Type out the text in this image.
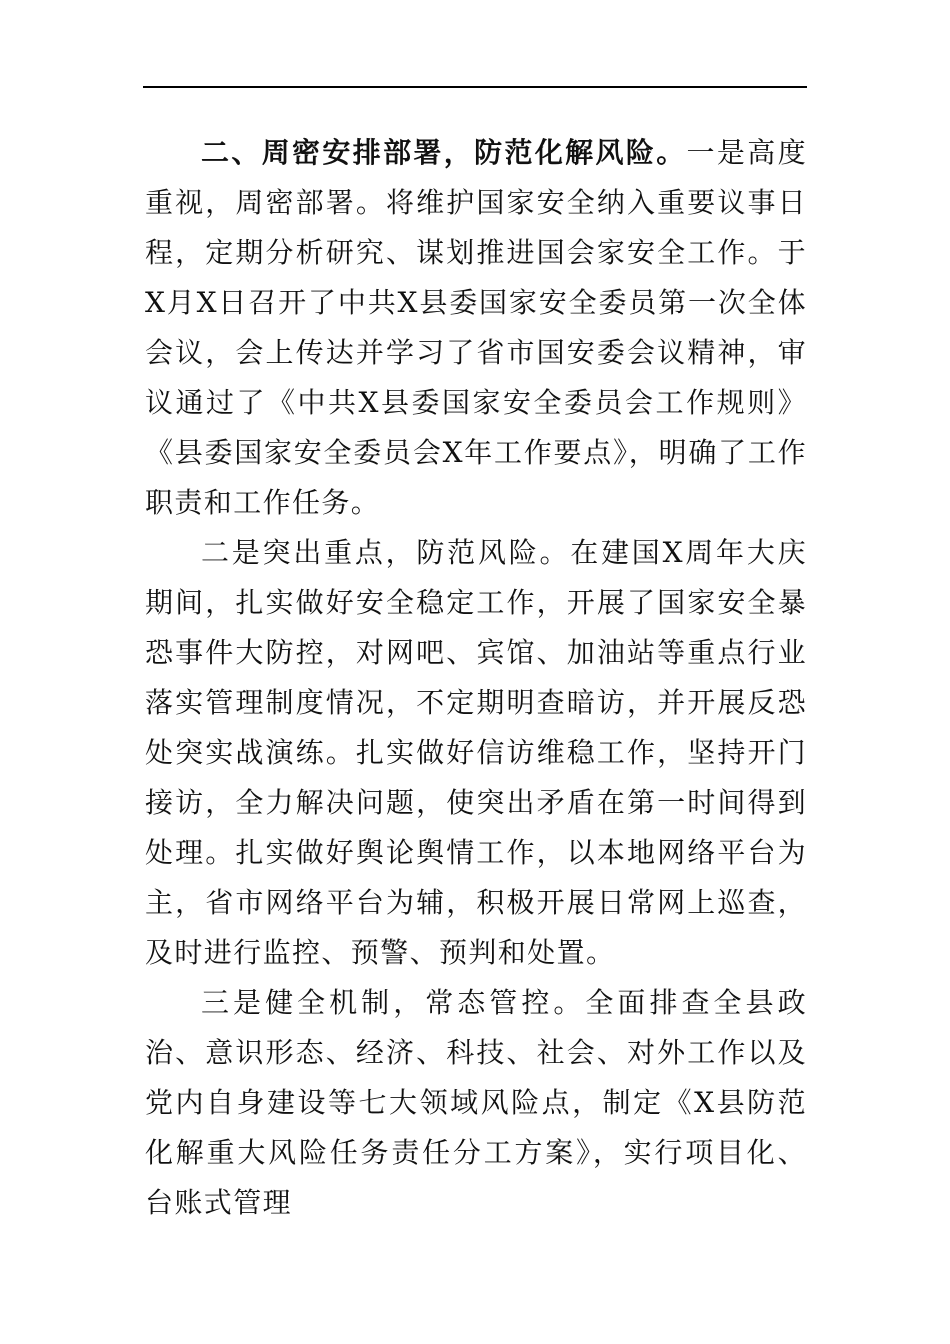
二、周密安排部署，防范化解风险。一是高度重视，周密部署。将维护国家安全纳入重要议事日程，定期分析研究、谋划推进国会家安全工作。于X月X日召开了中共X县委国家安全委员第一次全体会议，会上传达并学习了省市国安委会议精神，审议通过了《中共X县委国家安全委员会工作规则》《县委国家安全委员会X年工作要点》，明确了工作职责和工作任务。

二是突出重点，防范风险。在建国X周年大庆期间，扎实做好安全稳定工作，开展了国家安全暴恐事件大防控，对网吧、宾馆、加油站等重点行业落实管理制度情况，不定期明查暗访，并开展反恐处突实战演练。扎实做好信访维稳工作，坚持开门接访，全力解决问题，使突出矛盾在第一时间得到处理。扎实做好舆论舆情工作，以本地网络平台为主，省市网络平台为辅，积极开展日常网上巡查，及时进行监控、预警、预判和处置。

三是健全机制，常态管控。全面排查全县政治、意识形态、经济、科技、社会、对外工作以及党内自身建设等七大领域风险点，制定《X县防范化解重大风险任务责任分工方案》，实行项目化、台账式管理
